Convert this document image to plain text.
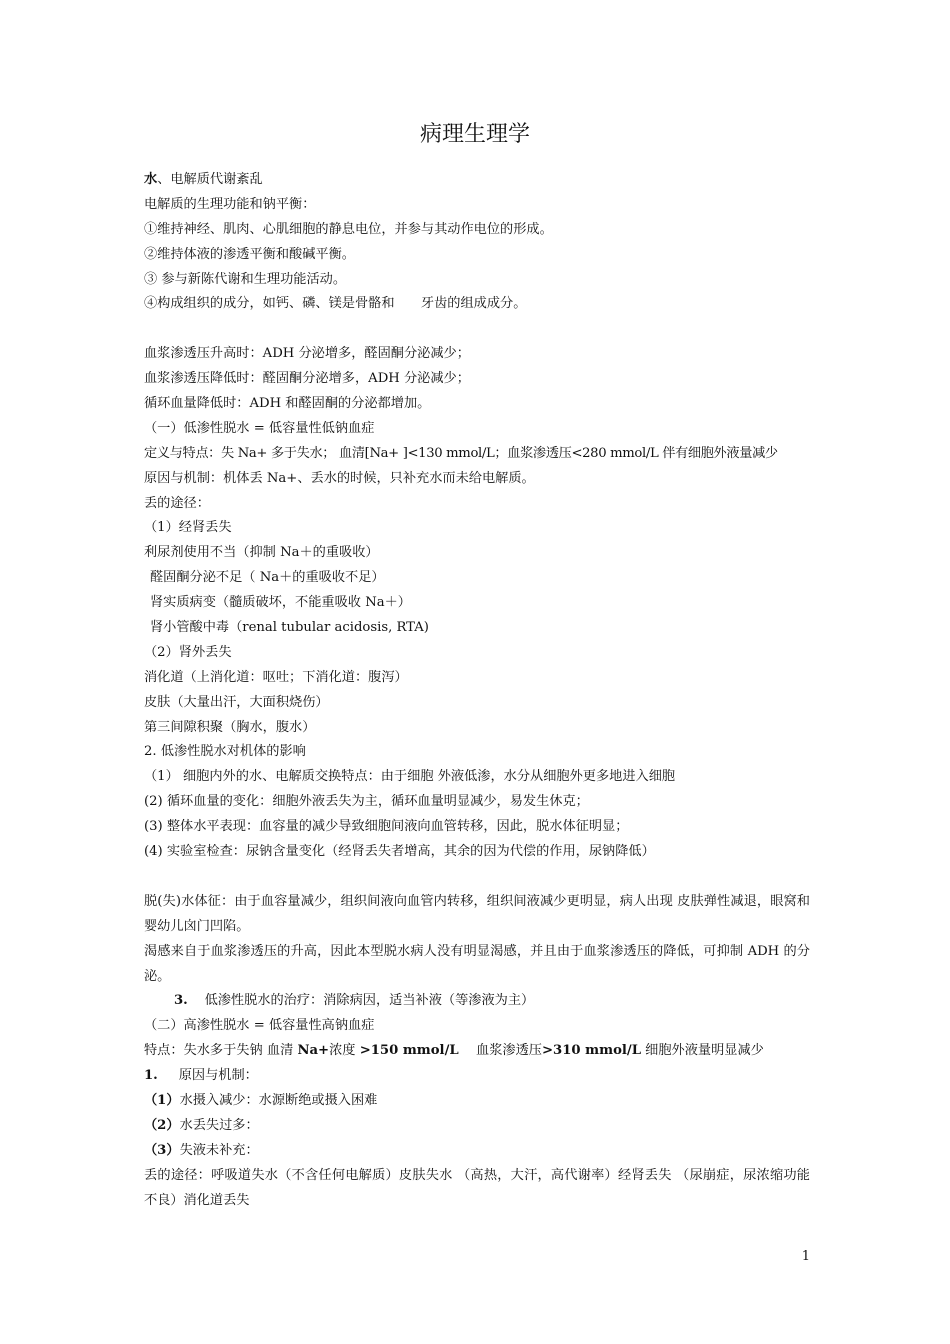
病理生理学
水、电解质代谢紊乱
电解质的生理功能和钠平衡：
①维持神经、肌肉、心肌细胞的静息电位，并参与其动作电位的形成。
②维持体液的渗透平衡和酸碱平衡。
③ 参与新陈代谢和生理功能活动。
④构成组织的成分，如钙、磷、镁是骨骼和　　牙齿的组成成分。
血浆渗透压升高时：ADH 分泌增多，醛固酮分泌减少；
血浆渗透压降低时：醛固酮分泌增多，ADH 分泌减少；
循环血量降低时：ADH 和醛固酮的分泌都增加。
（一）低渗性脱水 = 低容量性低钠血症
定义与特点：失 Na+ 多于失水； 血清[Na+ ]<130 mmol/L；血浆渗透压<280 mmol/L 伴有细胞外液量减少
原因与机制：机体丢 Na+、丢水的时候，只补充水而未给电解质。
丢的途径：
（1）经肾丢失
利尿剂使用不当（抑制 Na＋的重吸收）
醛固酮分泌不足（ Na＋的重吸收不足）
肾实质病变（髓质破坏，不能重吸收 Na＋）
肾小管酸中毒（renal tubular acidosis, RTA)
（2）肾外丢失
消化道（上消化道：呕吐；下消化道：腹泻）
皮肤（大量出汗，大面积烧伤）
第三间隙积聚（胸水，腹水）
2. 低渗性脱水对机体的影响
（1） 细胞内外的水、电解质交换特点：由于细胞 外液低渗，水分从细胞外更多地进入细胞
(2) 循环血量的变化：细胞外液丢失为主，循环血量明显减少，易发生休克；
(3) 整体水平表现：血容量的减少导致细胞间液向血管转移，因此，脱水体征明显；
(4) 实验室检查：尿钠含量变化（经肾丢失者增高，其余的因为代偿的作用，尿钠降低）
脱(失)水体征：由于血容量减少，组织间液向血管内转移，组织间液减少更明显，病人出现 皮肤弹性减退，眼窝和婴幼儿囟门凹陷。
渴感来自于血浆渗透压的升高，因此本型脱水病人没有明显渴感，并且由于血浆渗透压的降低，可抑制 ADH 的分泌。
3. 低渗性脱水的治疗：消除病因，适当补液（等渗液为主）
（二）高渗性脱水 = 低容量性高钠血症
特点：失水多于失钠 血清 Na+浓度 >150 mmol/L　 血浆渗透压>310 mmol/L 细胞外液量明显减少
1. 原因与机制：
（1）水摄入减少：水源断绝或摄入困难
（2）水丢失过多：
（3）失液未补充：
丢的途径：呼吸道失水（不含任何电解质）皮肤失水 （高热，大汗，高代谢率）经肾丢失 （尿崩症，尿浓缩功能不良）消化道丢失
1
